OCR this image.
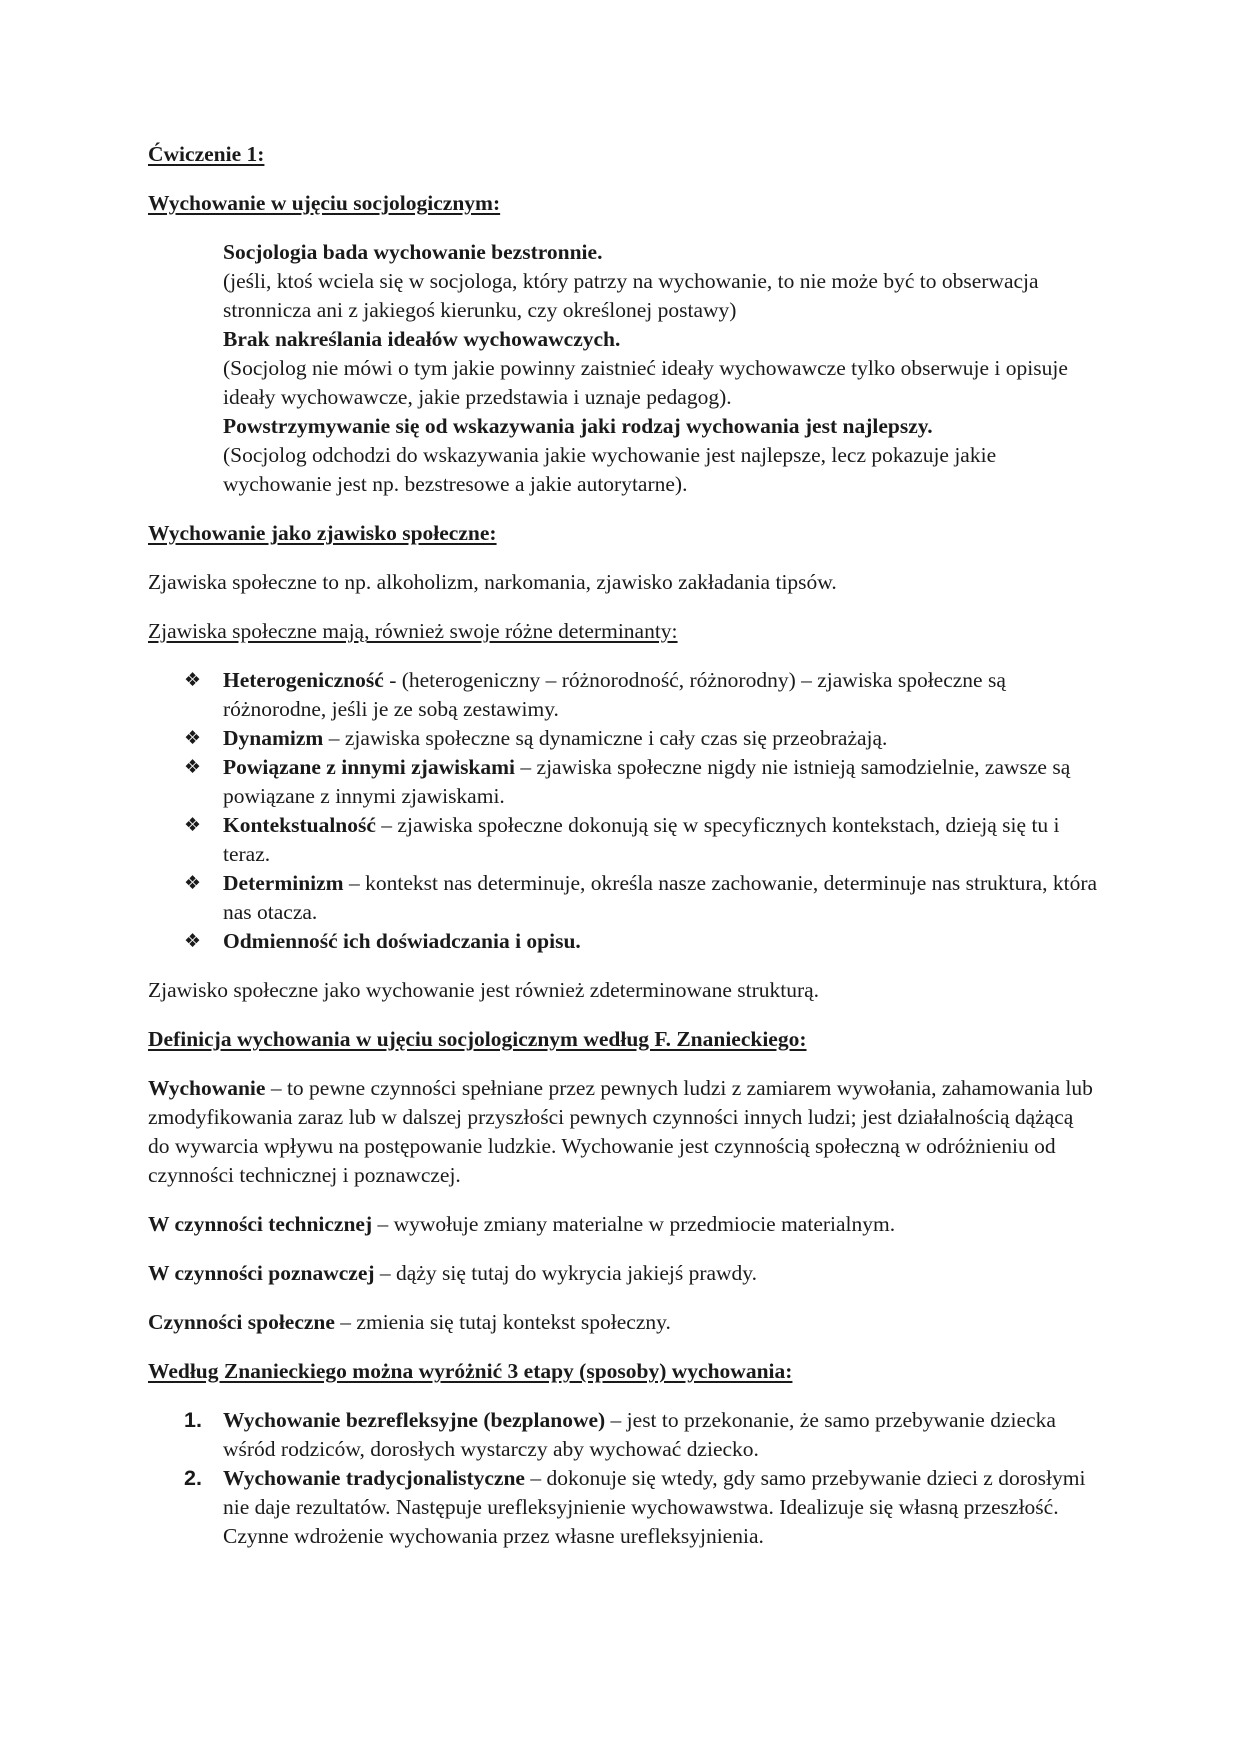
Ćwiczenie 1:

Wychowanie w ujęciu socjologicznym:

Socjologia bada wychowanie bezstronnie.
(jeśli, ktoś wciela się w socjologa, który patrzy na wychowanie, to nie może być to obserwacja stronnicza ani z jakiegoś kierunku, czy określonej postawy)

Brak nakreślania ideałów wychowawczych.
(Socjolog nie mówi o tym jakie powinny zaistnieć ideały wychowawcze tylko obserwuje i opisuje ideały wychowawcze, jakie przedstawia i uznaje pedagog).

Powstrzymywanie się od wskazywania jaki rodzaj wychowania jest najlepszy.
(Socjolog odchodzi do wskazywania jakie wychowanie jest najlepsze, lecz pokazuje jakie wychowanie jest np. bezstresowe a jakie autorytarne).

Wychowanie jako zjawisko społeczne:

Zjawiska społeczne to np. alkoholizm, narkomania, zjawisko zakładania tipsów.

Zjawiska społeczne mają, również swoje różne determinanty:

❖ Heterogeniczność - (heterogeniczny – różnorodność, różnorodny) – zjawiska społeczne są różnorodne, jeśli je ze sobą zestawimy.
❖ Dynamizm – zjawiska społeczne są dynamiczne i cały czas się przeobrażają.
❖ Powiązane z innymi zjawiskami – zjawiska społeczne nigdy nie istnieją samodzielnie, zawsze są powiązane z innymi zjawiskami.
❖ Kontekstualność – zjawiska społeczne dokonują się w specyficznych kontekstach, dzieją się tu i teraz.
❖ Determinizm – kontekst nas determinuje, określa nasze zachowanie, determinuje nas struktura, która nas otacza.
❖ Odmienność ich doświadczania i opisu.

Zjawisko społeczne jako wychowanie jest również zdeterminowane strukturą.

Definicja wychowania w ujęciu socjologicznym według F. Znanieckiego:

Wychowanie – to pewne czynności spełniane przez pewnych ludzi z zamiarem wywołania, zahamowania lub zmodyfikowania zaraz lub w dalszej przyszłości pewnych czynności innych ludzi; jest działalnością dążącą do wywarcia wpływu na postępowanie ludzkie. Wychowanie jest czynnością społeczną w odróżnieniu od czynności technicznej i poznawczej.

W czynności technicznej – wywołuje zmiany materialne w przedmiocie materialnym.

W czynności poznawczej – dąży się tutaj do wykrycia jakiejś prawdy.

Czynności społeczne – zmienia się tutaj kontekst społeczny.

Według Znanieckiego można wyróżnić 3 etapy (sposoby) wychowania:

1. Wychowanie bezrefleksyjne (bezplanowe) – jest to przekonanie, że samo przebywanie dziecka wśród rodziców, dorosłych wystarczy aby wychować dziecko.
2. Wychowanie tradycjonalistyczne – dokonuje się wtedy, gdy samo przebywanie dzieci z dorosłymi nie daje rezultatów. Następuje urefleksyjnienie wychowawstwa. Idealizuje się własną przeszłość. Czynne wdrożenie wychowania przez własne urefleksyjnienia.
